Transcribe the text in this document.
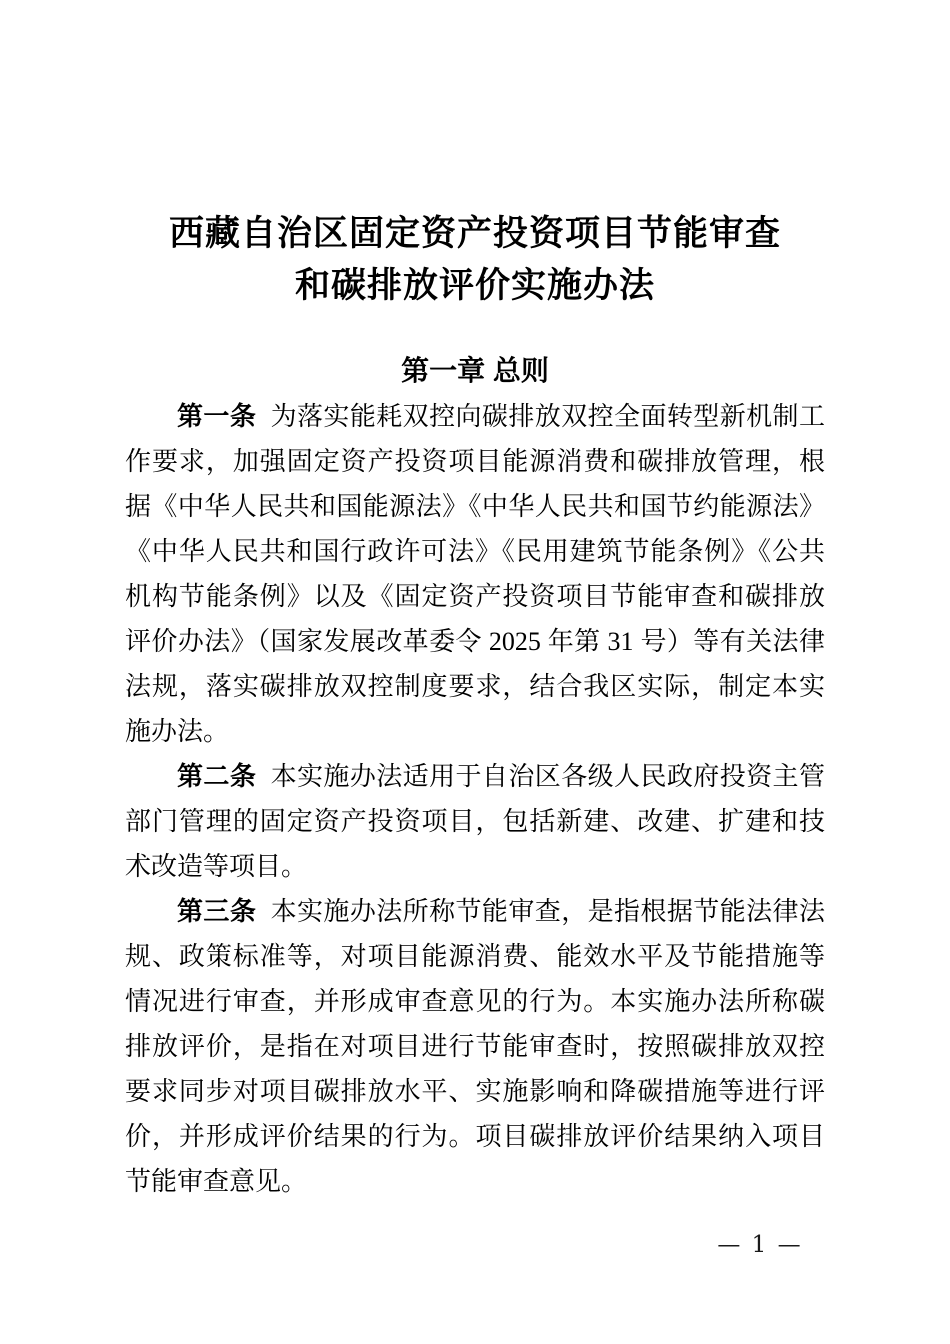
西藏自治区固定资产投资项目节能审查
和碳排放评价实施办法
第一章 总则

第一条 为落实能耗双控向碳排放双控全面转型新机制工作要求，加强固定资产投资项目能源消费和碳排放管理，根据《中华人民共和国能源法》《中华人民共和国节约能源法》《中华人民共和国行政许可法》《民用建筑节能条例》《公共机构节能条例》以及《固定资产投资项目节能审查和碳排放评价办法》（国家发展改革委令 2025 年第 31 号）等有关法律法规，落实碳排放双控制度要求，结合我区实际，制定本实施办法。

第二条 本实施办法适用于自治区各级人民政府投资主管部门管理的固定资产投资项目，包括新建、改建、扩建和技术改造等项目。

第三条 本实施办法所称节能审查，是指根据节能法律法规、政策标准等，对项目能源消费、能效水平及节能措施等情况进行审查，并形成审查意见的行为。本实施办法所称碳排放评价，是指在对项目进行节能审查时，按照碳排放双控要求同步对项目碳排放水平、实施影响和降碳措施等进行评价，并形成评价结果的行为。项目碳排放评价结果纳入项目节能审查意见。

— 1 —
